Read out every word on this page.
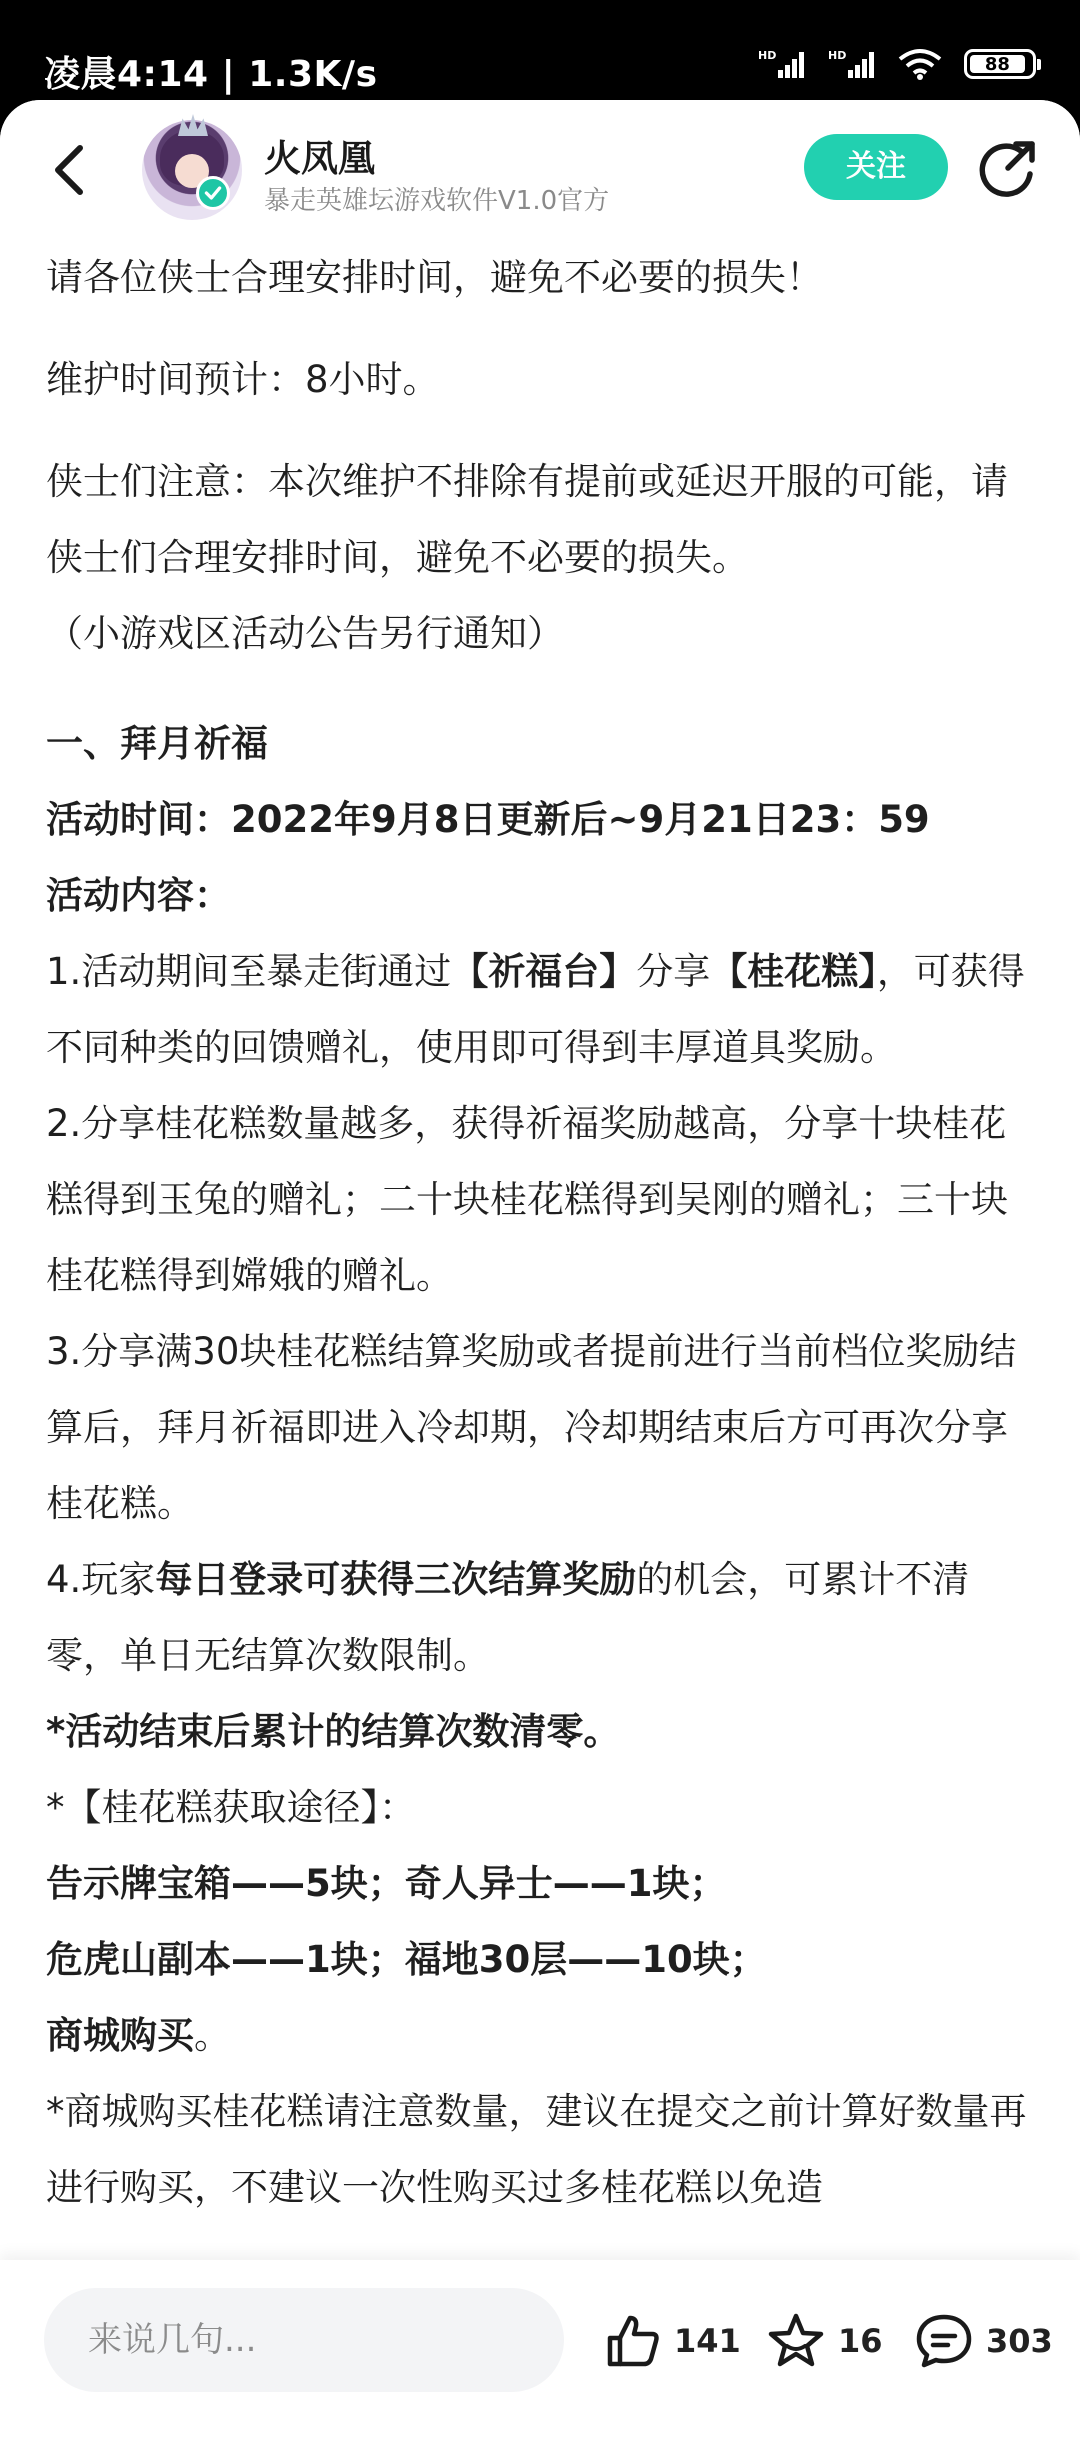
凌晨4:14 | 1.3K/s	HD	HD	88
火凤凰
暴走英雄坛游戏软件V1.0官方
关注

请各位侠士合理安排时间，避免不必要的损失！

维护时间预计：8小时。

侠士们注意：本次维护不排除有提前或延迟开服的可能，请侠士们合理安排时间，避免不必要的损失。

（小游戏区活动公告另行通知）

一、拜月祈福

活动时间：2022年9月8日更新后~9月21日23：59

活动内容：

1.活动期间至暴走街通过【祈福台】分享【桂花糕】，可获得不同种类的回馈赠礼，使用即可得到丰厚道具奖励。

2.分享桂花糕数量越多，获得祈福奖励越高，分享十块桂花糕得到玉兔的赠礼；二十块桂花糕得到吴刚的赠礼；三十块桂花糕得到嫦娥的赠礼。

3.分享满30块桂花糕结算奖励或者提前进行当前档位奖励结算后，拜月祈福即进入冷却期，冷却期结束后方可再次分享桂花糕。

4.玩家每日登录可获得三次结算奖励的机会，可累计不清零，单日无结算次数限制。

*活动结束后累计的结算次数清零。

*【桂花糕获取途径】：

告示牌宝箱——5块；奇人异士——1块；

危虎山副本——1块；福地30层——10块；

商城购买。

*商城购买桂花糕请注意数量，建议在提交之前计算好数量再进行购买，不建议一次性购买过多桂花糕以免造

来说几句...
141	16	303
